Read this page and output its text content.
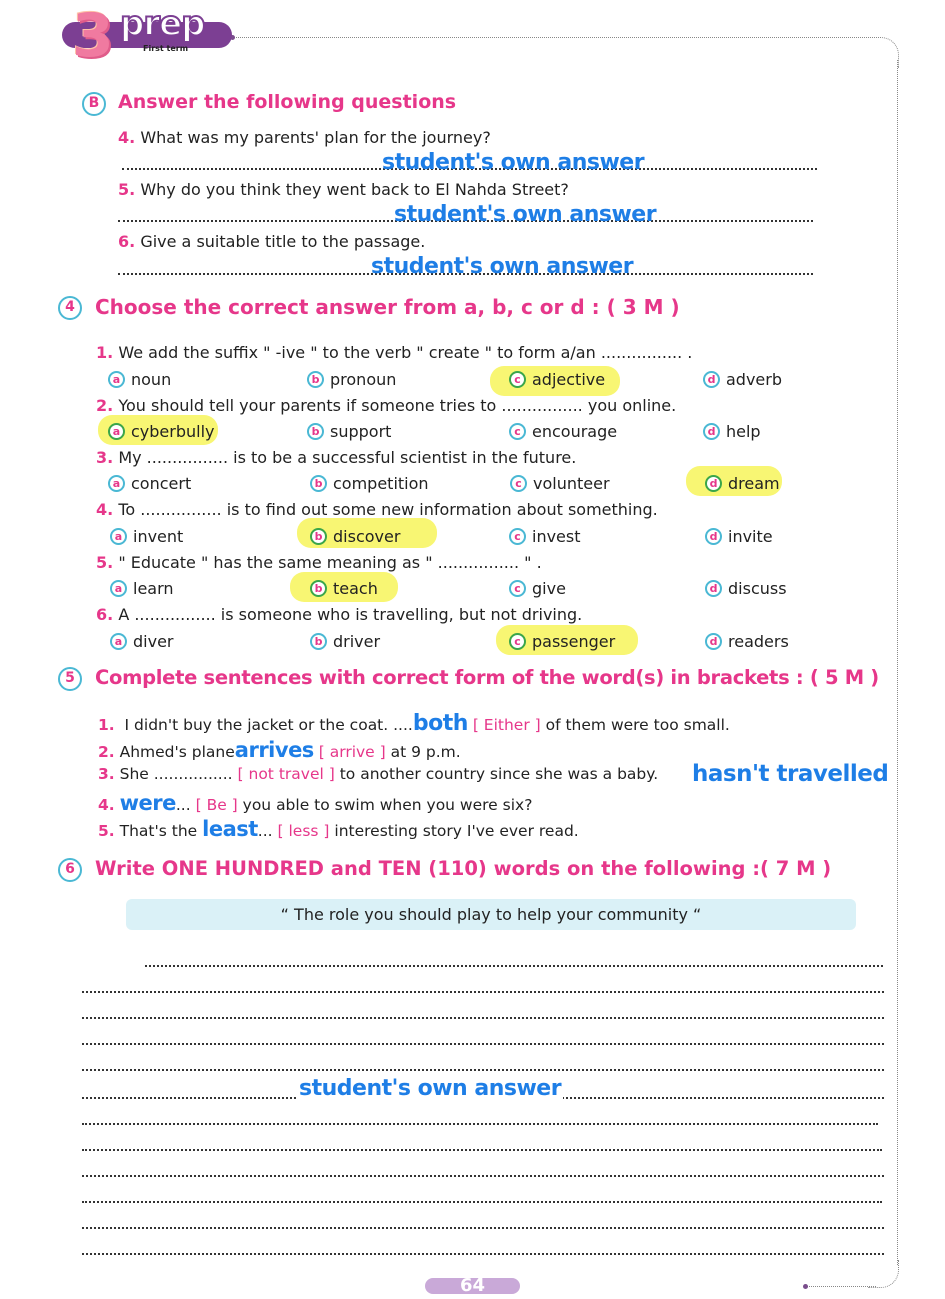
3 prep
First term
B Answer the following questions
4. What was my parents' plan for the journey?
student's own answer
5. Why do you think they went back to El Nahda Street?
student's own answer
6. Give a suitable title to the passage.
student's own answer
4	Choose the correct answer from a, b, c or d : ( 3 M )
1. We add the suffix " -ive " to the verb " create " to form a/an ................ .
a noun	b pronoun	c adjective	d adverb
2. You should tell your parents if someone tries to ................ you online.
a cyberbully	b support	c encourage	d help
3. My ................ is to be a successful scientist in the future.
a concert	b competition	c volunteer	d dream
4. To ................ is to find out some new information about something.
a invent	b discover	c invest	d invite
5. " Educate " has the same meaning as " ................ " .
a learn	b teach	c give	d discuss
6. A ................ is someone who is travelling, but not driving.
a diver	b driver	c passenger	d readers
5	Complete sentences with correct form of the word(s) in brackets : ( 5 M )
1. I didn't buy the jacket or the coat. ....both [ Either ] of them were too small.
2. Ahmed's planearrives [ arrive ] at 9 p.m.
3. She ................ [ not travel ] to another country since she was a baby. hasn't travelled
4. were... [ Be ] you able to swim when you were six?
5. That's the least... [ less ] interesting story I've ever read.
6	Write ONE HUNDRED and TEN (110) words on the following :( 7 M )
“ The role you should play to help your community “
student's own answer
64
